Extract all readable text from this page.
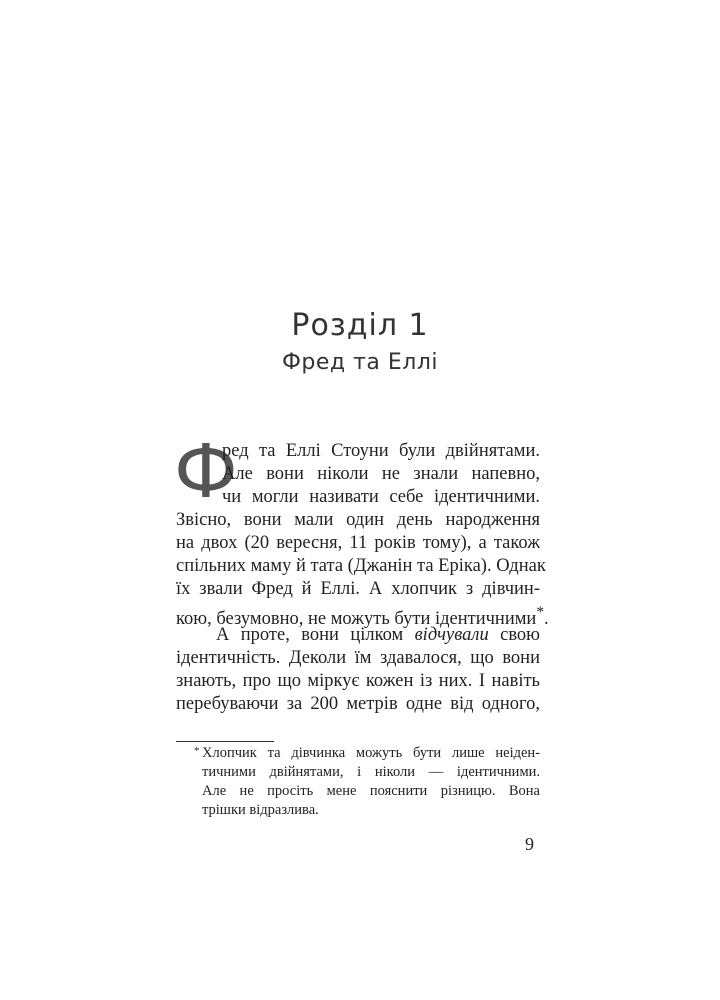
Розділ 1
Фред та Еллі
Ф
ред та Еллі Стоуни були двійнятами.
Але вони ніколи не знали напевно,
чи могли називати себе ідентичними.
Звісно, вони мали один день народження
на двох (20 вересня, 11 років тому), а також
спільних маму й тата (Джанін та Еріка). Однак
їх звали Фред й Еллі. А хлопчик з дівчин-
кою, безумовно, не можуть бути ідентичними*.
А проте, вони цілком відчували свою
ідентичність. Деколи їм здавалося, що вони
знають, про що міркує кожен із них. І навіть
перебуваючи за 200 метрів одне від одного,
* Хлопчик та дівчинка можуть бути лише неіден-
тичними двійнятами, і ніколи — ідентичними.
Але не просіть мене пояснити різницю. Вона
трішки відразлива.
9
